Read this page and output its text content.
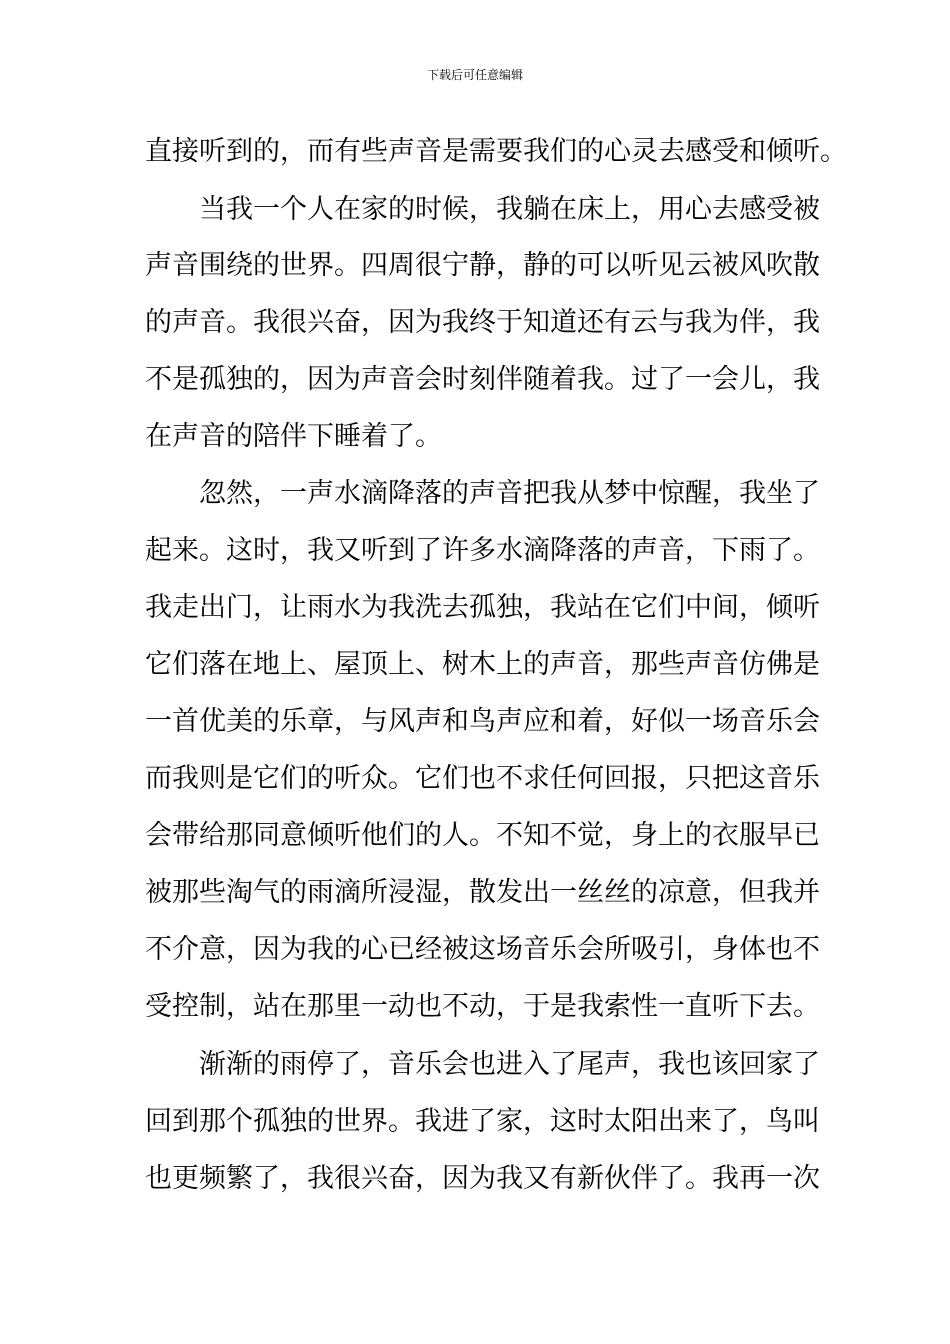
下载后可任意编辑
直接听到的，而有些声音是需要我们的心灵去感受和倾听。
当我一个人在家的时候，我躺在床上，用心去感受被
声音围绕的世界。四周很宁静，静的可以听见云被风吹散
的声音。我很兴奋，因为我终于知道还有云与我为伴，我
不是孤独的，因为声音会时刻伴随着我。过了一会儿，我
在声音的陪伴下睡着了。
忽然，一声水滴降落的声音把我从梦中惊醒，我坐了
起来。这时，我又听到了许多水滴降落的声音，下雨了。
我走出门，让雨水为我洗去孤独，我站在它们中间，倾听
它们落在地上、屋顶上、树木上的声音，那些声音仿佛是
一首优美的乐章，与风声和鸟声应和着，好似一场音乐会
而我则是它们的听众。它们也不求任何回报，只把这音乐
会带给那同意倾听他们的人。不知不觉，身上的衣服早已
被那些淘气的雨滴所浸湿，散发出一丝丝的凉意，但我并
不介意，因为我的心已经被这场音乐会所吸引，身体也不
受控制，站在那里一动也不动，于是我索性一直听下去。
渐渐的雨停了，音乐会也进入了尾声，我也该回家了
回到那个孤独的世界。我进了家，这时太阳出来了，鸟叫
也更频繁了，我很兴奋，因为我又有新伙伴了。我再一次
